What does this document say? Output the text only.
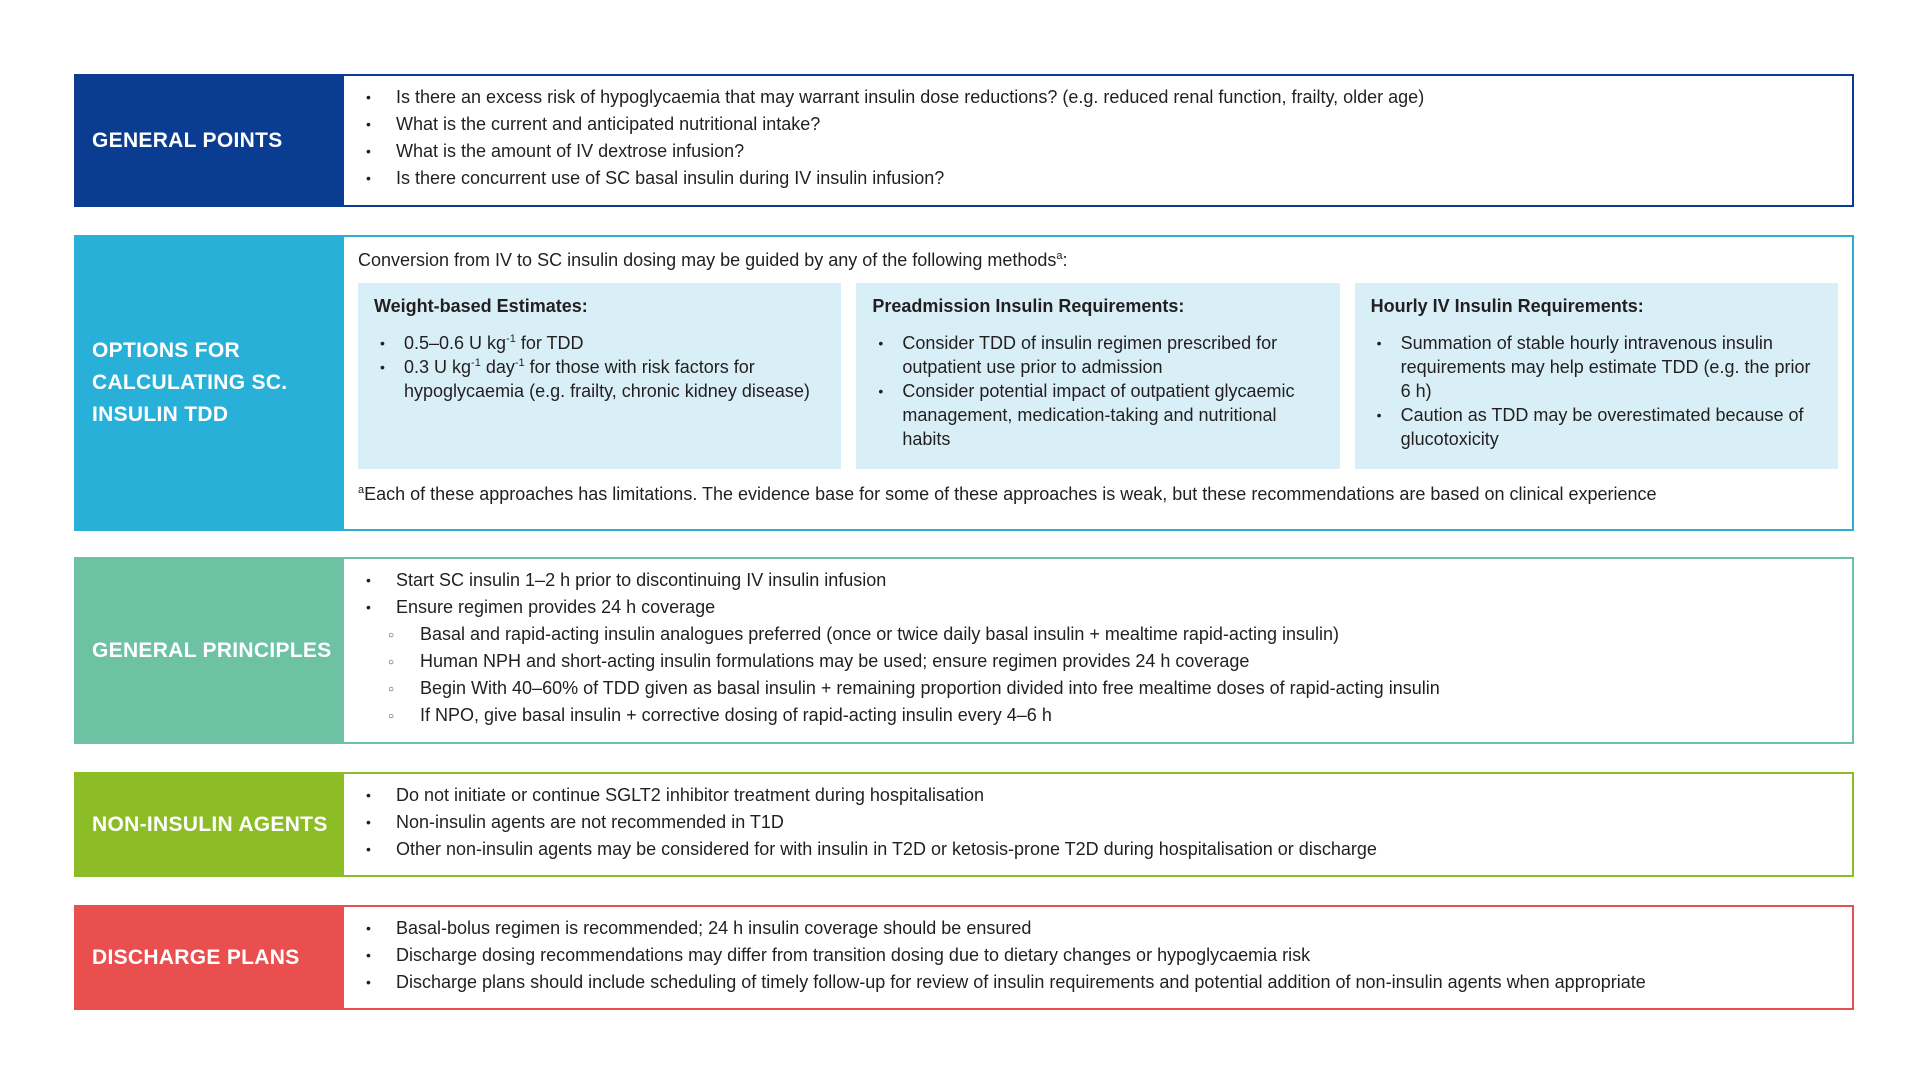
GENERAL POINTS
• Is there an excess risk of hypoglycaemia that may warrant insulin dose reductions? (e.g. reduced renal function, frailty, older age)
• What is the current and anticipated nutritional intake?
• What is the amount of IV dextrose infusion?
• Is there concurrent use of SC basal insulin during IV insulin infusion?
OPTIONS FOR CALCULATING SC. INSULIN TDD
Conversion from IV to SC insulin dosing may be guided by any of the following methods$^a$:
Weight-based Estimates:
• 0.5–0.6 U $kg^{-1}$ for TDD
• 0.3 U $kg^{-1}$ day$^{-1}$ for those with risk factors for hypoglycaemia (e.g. frailty, chronic kidney disease)
Preadmission Insulin Requirements:
• Consider TDD of insulin regimen prescribed for outpatient use prior to admission
• Consider potential impact of outpatient glycaemic management, medication-taking and nutritional habits
Hourly IV Insulin Requirements:
• Summation of stable hourly intravenous insulin requirements may help estimate TDD (e.g. the prior 6 h)
• Caution as TDD may be overestimated because of glucotoxicity
$^a$Each of these approaches has limitations. The evidence base for some of these approaches is weak, but these recommendations are based on clinical experience
GENERAL PRINCIPLES
• Start SC insulin 1–2 h prior to discontinuing IV insulin infusion
• Ensure regimen provides 24 h coverage
○ Basal and rapid-acting insulin analogues preferred (once or twice daily basal insulin + mealtime rapid-acting insulin)
○ Human NPH and short-acting insulin formulations may be used; ensure regimen provides 24 h coverage
○ Begin With 40–60% of TDD given as basal insulin + remaining proportion divided into free mealtime doses of rapid-acting insulin
○ If NPO, give basal insulin + corrective dosing of rapid-acting insulin every 4–6 h
NON-INSULIN AGENTS
• Do not initiate or continue SGLT2 inhibitor treatment during hospitalisation
• Non-insulin agents are not recommended in T1D
• Other non-insulin agents may be considered for with insulin in T2D or ketosis-prone T2D during hospitalisation or discharge
DISCHARGE PLANS
• Basal-bolus regimen is recommended; 24 h insulin coverage should be ensured
• Discharge dosing recommendations may differ from transition dosing due to dietary changes or hypoglycaemia risk
• Discharge plans should include scheduling of timely follow-up for review of insulin requirements and potential addition of non-insulin agents when appropriate
